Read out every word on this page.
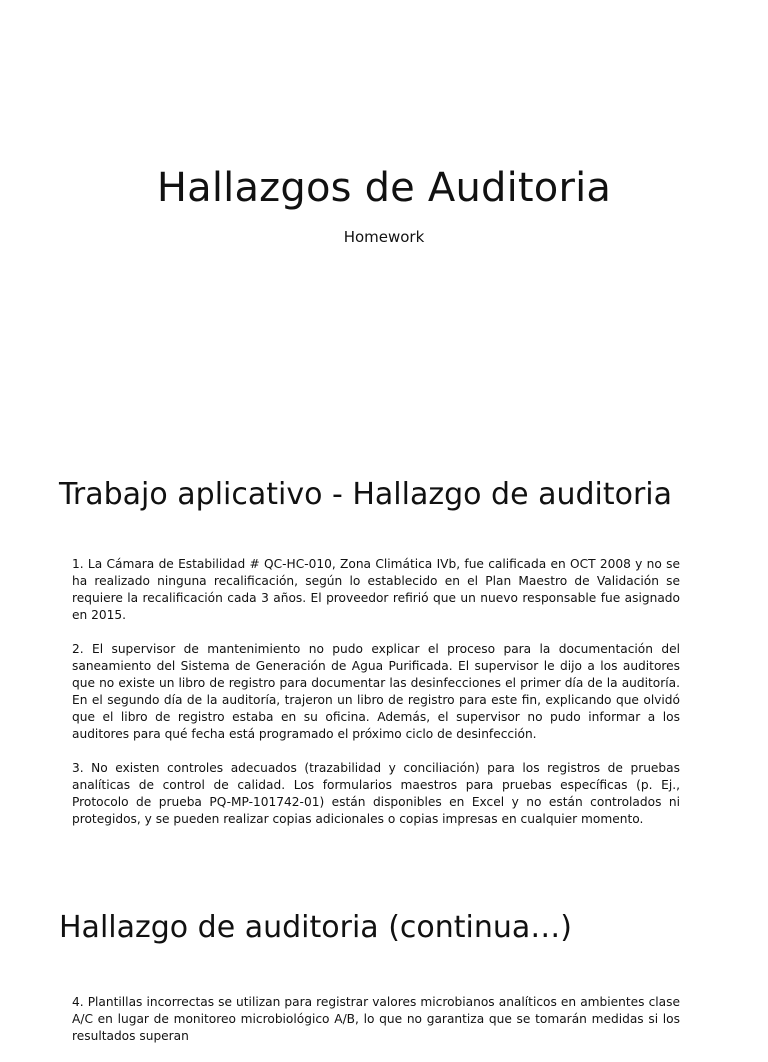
Hallazgos de Auditoria
Homework
Trabajo aplicativo - Hallazgo de auditoria

1. La Cámara de Estabilidad # QC-HC-010, Zona Climática IVb, fue calificada en OCT 2008 y no se ha realizado ninguna recalificación, según lo establecido en el Plan Maestro de Validación se requiere la recalificación cada 3 años. El proveedor refirió que un nuevo responsable fue asignado en 2015.

2. El supervisor de mantenimiento no pudo explicar el proceso para la documentación del saneamiento del Sistema de Generación de Agua Purificada. El supervisor le dijo a los auditores que no existe un libro de registro para documentar las desinfecciones el primer día de la auditoría. En el segundo día de la auditoría, trajeron un libro de registro para este fin, explicando que olvidó que el libro de registro estaba en su oficina. Además, el supervisor no pudo informar a los auditores para qué fecha está programado el próximo ciclo de desinfección.

3. No existen controles adecuados (trazabilidad y conciliación) para los registros de pruebas analíticas de control de calidad. Los formularios maestros para pruebas específicas (p. Ej., Protocolo de prueba PQ-MP-101742-01) están disponibles en Excel y no están controlados ni protegidos, y se pueden realizar copias adicionales o copias impresas en cualquier momento.

Hallazgo de auditoria (continua…)

4. Plantillas incorrectas se utilizan para registrar valores microbianos analíticos en ambientes clase A/C en lugar de monitoreo microbiológico A/B, lo que no garantiza que se tomarán medidas si los resultados superan
